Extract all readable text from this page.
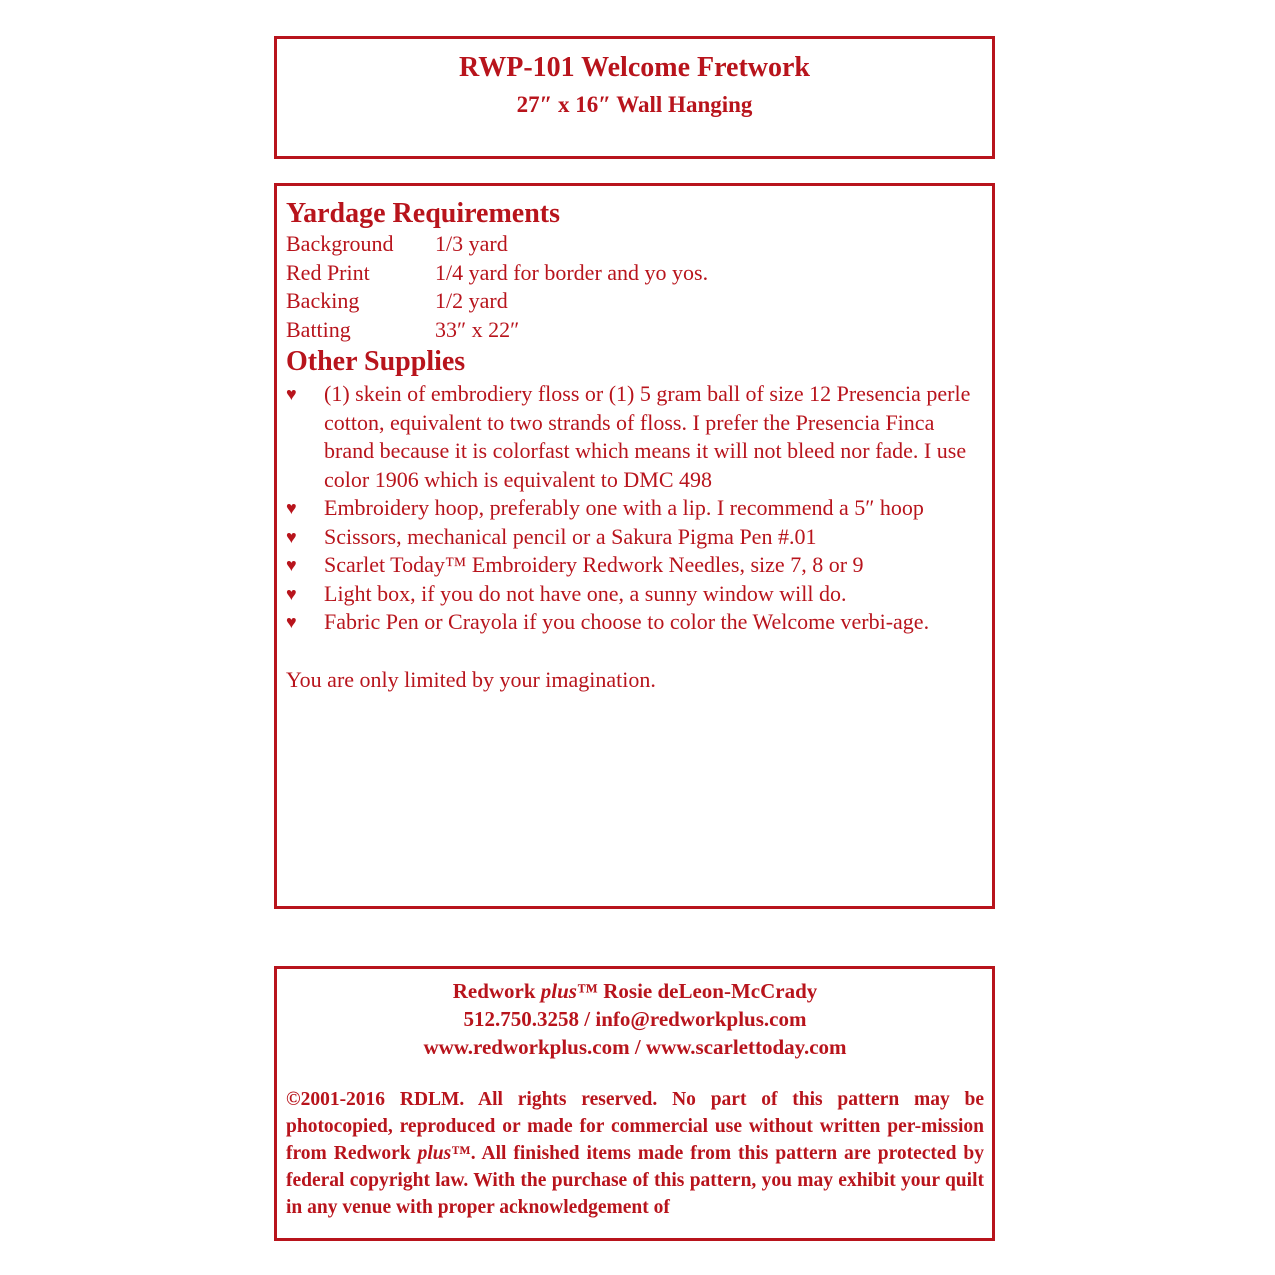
RWP-101 Welcome Fretwork
27″ x 16″ Wall Hanging
Yardage Requirements
Background	1/3 yard
Red Print	1/4 yard for border and yo yos.
Backing	1/2 yard
Batting	33″ x 22″
Other Supplies
♥	(1) skein of embrodiery floss or (1) 5 gram ball of size 12 Presencia perle cotton, equivalent to two strands of floss. I prefer the Presencia Finca brand because it is colorfast which means it will not bleed nor fade. I use color 1906 which is equivalent to DMC 498
♥	Embroidery hoop, preferably one with a lip. I recommend a 5″ hoop
♥	Scissors, mechanical pencil or a Sakura Pigma Pen #.01
♥	Scarlet Today™ Embroidery Redwork Needles, size 7, 8 or 9
♥	Light box, if you do not have one, a sunny window will do.
♥	Fabric Pen or Crayola if you choose to color the Welcome verbi-age.
You are only limited by your imagination.
Redwork plus™ Rosie deLeon-McCrady
512.750.3258 / info@redworkplus.com
www.redworkplus.com / www.scarlettoday.com
©2001-2016 RDLM. All rights reserved. No part of this pattern may be photocopied, reproduced or made for commercial use without written per-mission from Redwork plus™. All finished items made from this pattern are protected by federal copyright law. With the purchase of this pattern, you may exhibit your quilt in any venue with proper acknowledgement of
